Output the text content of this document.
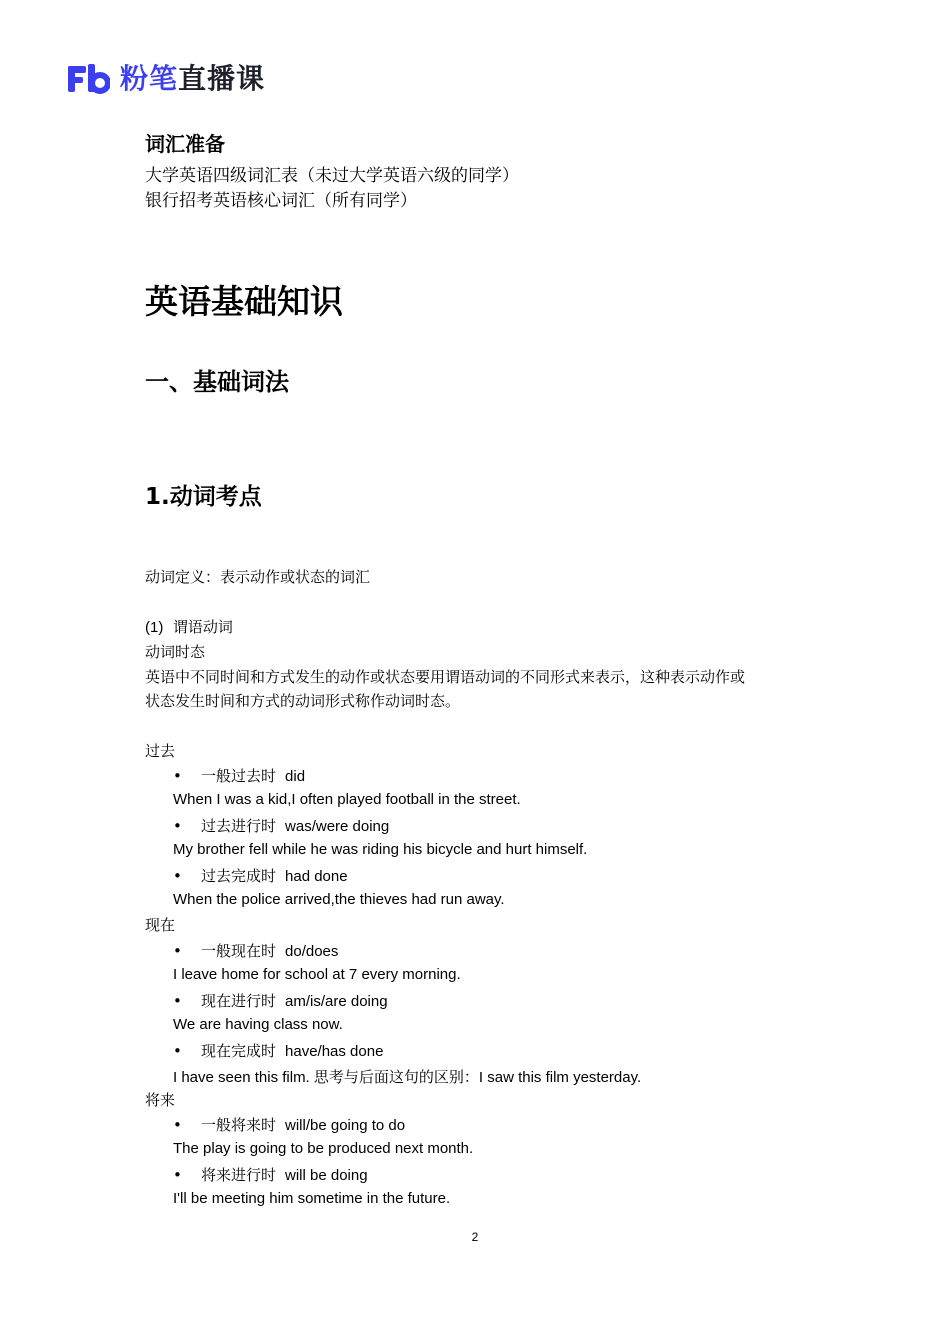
粉笔直播课
词汇准备
大学英语四级词汇表（未过大学英语六级的同学）
银行招考英语核心词汇（所有同学）
英语基础知识
一、基础词法
1.动词考点
动词定义：表示动作或状态的词汇
(1) 谓语动词
动词时态
英语中不同时间和方式发生的动作或状态要用谓语动词的不同形式来表示，这种表示动作或
状态发生时间和方式的动词形式称作动词时态。
过去
• 一般过去时 did
When I was a kid,I often played football in the street.
• 过去进行时 was/were doing
My brother fell while he was riding his bicycle and hurt himself.
• 过去完成时 had done
When the police arrived,the thieves had run away.
现在
• 一般现在时 do/does
I leave home for school at 7 every morning.
• 现在进行时 am/is/are doing
We are having class now.
• 现在完成时 have/has done
I have seen this film. 思考与后面这句的区别：I saw this film yesterday.
将来
• 一般将来时 will/be going to do
The play is going to be produced next month.
• 将来进行时 will be doing
I'll be meeting him sometime in the future.
2
